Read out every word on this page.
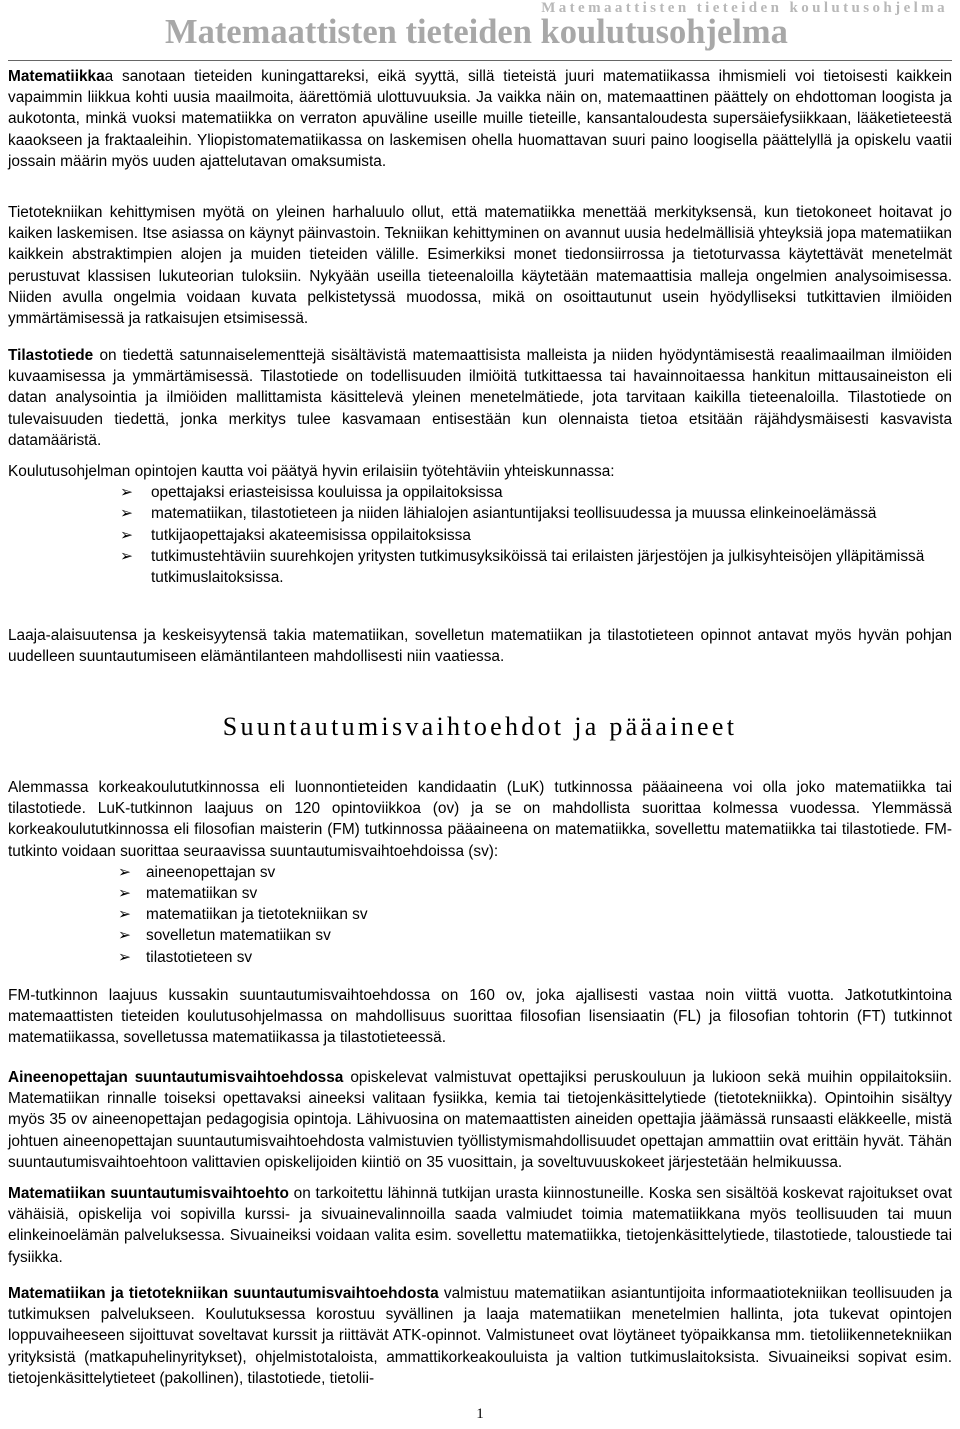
Matemaattisten tieteiden koulutusohjelma
Matemaattisten tieteiden koulutusohjelma

Matematiikkaa sanotaan tieteiden kuningattareksi, eikä syyttä, sillä tieteistä juuri matematiikassa ihmismieli voi tietoisesti kaikkein vapaimmin liikkua kohti uusia maailmoita, äärettömiä ulottuvuuksia. Ja vaikka näin on, matemaattinen päättely on ehdottoman loogista ja aukotonta, minkä vuoksi matematiikka on verraton apuväline useille muille tieteille, kansantaloudesta supersäiefysiikkaan, lääketieteestä kaaokseen ja fraktaaleihin. Yliopistomatematiikassa on laskemisen ohella huomattavan suuri paino loogisella päättelyllä ja opiskelu vaatii jossain määrin myös uuden ajattelutavan omaksumista.

Tietotekniikan kehittymisen myötä on yleinen harhaluulo ollut, että matematiikka menettää merkityksensä, kun tietokoneet hoitavat jo kaiken laskemisen. Itse asiassa on käynyt päinvastoin. Tekniikan kehittyminen on avannut uusia hedelmällisiä yhteyksiä jopa matematiikan kaikkein abstraktimpien alojen ja muiden tieteiden välille. Esimerkiksi monet tiedonsiirrossa ja tietoturvassa käytettävät menetelmät perustuvat klassisen lukuteorian tuloksiin. Nykyään useilla tieteenaloilla käytetään matemaattisia malleja ongelmien analysoimisessa. Niiden avulla ongelmia voidaan kuvata pelkistetyssä muodossa, mikä on osoittautunut usein hyödylliseksi tutkittavien ilmiöiden ymmärtämisessä ja ratkaisujen etsimisessä.

Tilastotiede on tiedettä satunnaiselementtejä sisältävistä matemaattisista malleista ja niiden hyödyntämisestä reaalimaailman ilmiöiden kuvaamisessa ja ymmärtämisessä. Tilastotiede on todellisuuden ilmiöitä tutkittaessa tai havainnoitaessa hankitun mittausaineiston eli datan analysointia ja ilmiöiden mallittamista käsittelevä yleinen menetelmätiede, jota tarvitaan kaikilla tieteenaloilla. Tilastotiede on tulevaisuuden tiedettä, jonka merkitys tulee kasvamaan entisestään kun olennaista tietoa etsitään räjähdysmäisesti kasvavista datamääristä.

Koulutusohjelman opintojen kautta voi päätyä hyvin erilaisiin työtehtäviin yhteiskunnassa:

➢ opettajaksi eriasteisissa kouluissa ja oppilaitoksissa
➢ matematiikan, tilastotieteen ja niiden lähialojen asiantuntijaksi teollisuudessa ja muussa elinkeinoelämässä
➢ tutkijaopettajaksi akateemisissa oppilaitoksissa
➢ tutkimustehtäviin suurehkojen yritysten tutkimusyksiköissä tai erilaisten järjestöjen ja julkisyhteisöjen ylläpitämissä tutkimuslaitoksissa.

Laaja-alaisuutensa ja keskeisyytensä takia matematiikan, sovelletun matematiikan ja tilastotieteen opinnot antavat myös hyvän pohjan uudelleen suuntautumiseen elämäntilanteen mahdollisesti niin vaatiessa.

Suuntautumisvaihtoehdot ja pääaineet

Alemmassa korkeakoulututkinnossa eli luonnontieteiden kandidaatin (LuK) tutkinnossa pääaineena voi olla joko matematiikka tai tilastotiede. LuK-tutkinnon laajuus on 120 opintoviikkoa (ov) ja se on mahdollista suorittaa kolmessa vuodessa. Ylemmässä korkeakoulututkinnossa eli filosofian maisterin (FM) tutkinnossa pääaineena on matematiikka, sovellettu matematiikka tai tilastotiede. FM-tutkinto voidaan suorittaa seuraavissa suuntautumisvaihtoehdoissa (sv):

➢ aineenopettajan sv
➢ matematiikan sv
➢ matematiikan ja tietotekniikan sv
➢ sovelletun matematiikan sv
➢ tilastotieteen sv

FM-tutkinnon laajuus kussakin suuntautumisvaihtoehdossa on 160 ov, joka ajallisesti vastaa noin viittä vuotta. Jatkotutkintoina matemaattisten tieteiden koulutusohjelmassa on mahdollisuus suorittaa filosofian lisensiaatin (FL) ja filosofian tohtorin (FT) tutkinnot matematiikassa, sovelletussa matematiikassa ja tilastotieteessä.

Aineenopettajan suuntautumisvaihtoehdossa opiskelevat valmistuvat opettajiksi peruskouluun ja lukioon sekä muihin oppilaitoksiin. Matematiikan rinnalle toiseksi opettavaksi aineeksi valitaan fysiikka, kemia tai tietojenkäsittelytiede (tietotekniikka). Opintoihin sisältyy myös 35 ov aineenopettajan pedagogisia opintoja. Lähivuosina on matemaattisten aineiden opettajia jäämässä runsaasti eläkkeelle, mistä johtuen aineenopettajan suuntautumisvaihtoehdosta valmistuvien työllistymismahdollisuudet opettajan ammattiin ovat erittäin hyvät. Tähän suuntautumisvaihtoehtoon valittavien opiskelijoiden kiintiö on 35 vuosittain, ja soveltuvuuskokeet järjestetään helmikuussa.

Matematiikan suuntautumisvaihtoehto on tarkoitettu lähinnä tutkijan urasta kiinnostuneille. Koska sen sisältöä koskevat rajoitukset ovat vähäisiä, opiskelija voi sopivilla kurssi- ja sivuainevalinnoilla saada valmiudet toimia matematiikkana myös teollisuuden tai muun elinkeinoelämän palveluksessa. Sivuaineiksi voidaan valita esim. sovellettu matematiikka, tietojenkäsittelytiede, tilastotiede, taloustiede tai fysiikka.

Matematiikan ja tietotekniikan suuntautumisvaihtoehdosta valmistuu matematiikan asiantuntijoita informaatiotekniikan teollisuuden ja tutkimuksen palvelukseen. Koulutuksessa korostuu syvällinen ja laaja matematiikan menetelmien hallinta, jota tukevat opintojen loppuvaiheeseen sijoittuvat soveltavat kurssit ja riittävät ATK-opinnot. Valmistuneet ovat löytäneet työpaikkansa mm. tietoliikennetekniikan yrityksistä (matkapuhelinyritykset), ohjelmistotaloista, ammattikorkeakouluista ja valtion tutkimuslaitoksista. Sivuaineiksi sopivat esim. tietojenkäsittelytieteet (pakollinen), tilastotiede, tietolii-

1
